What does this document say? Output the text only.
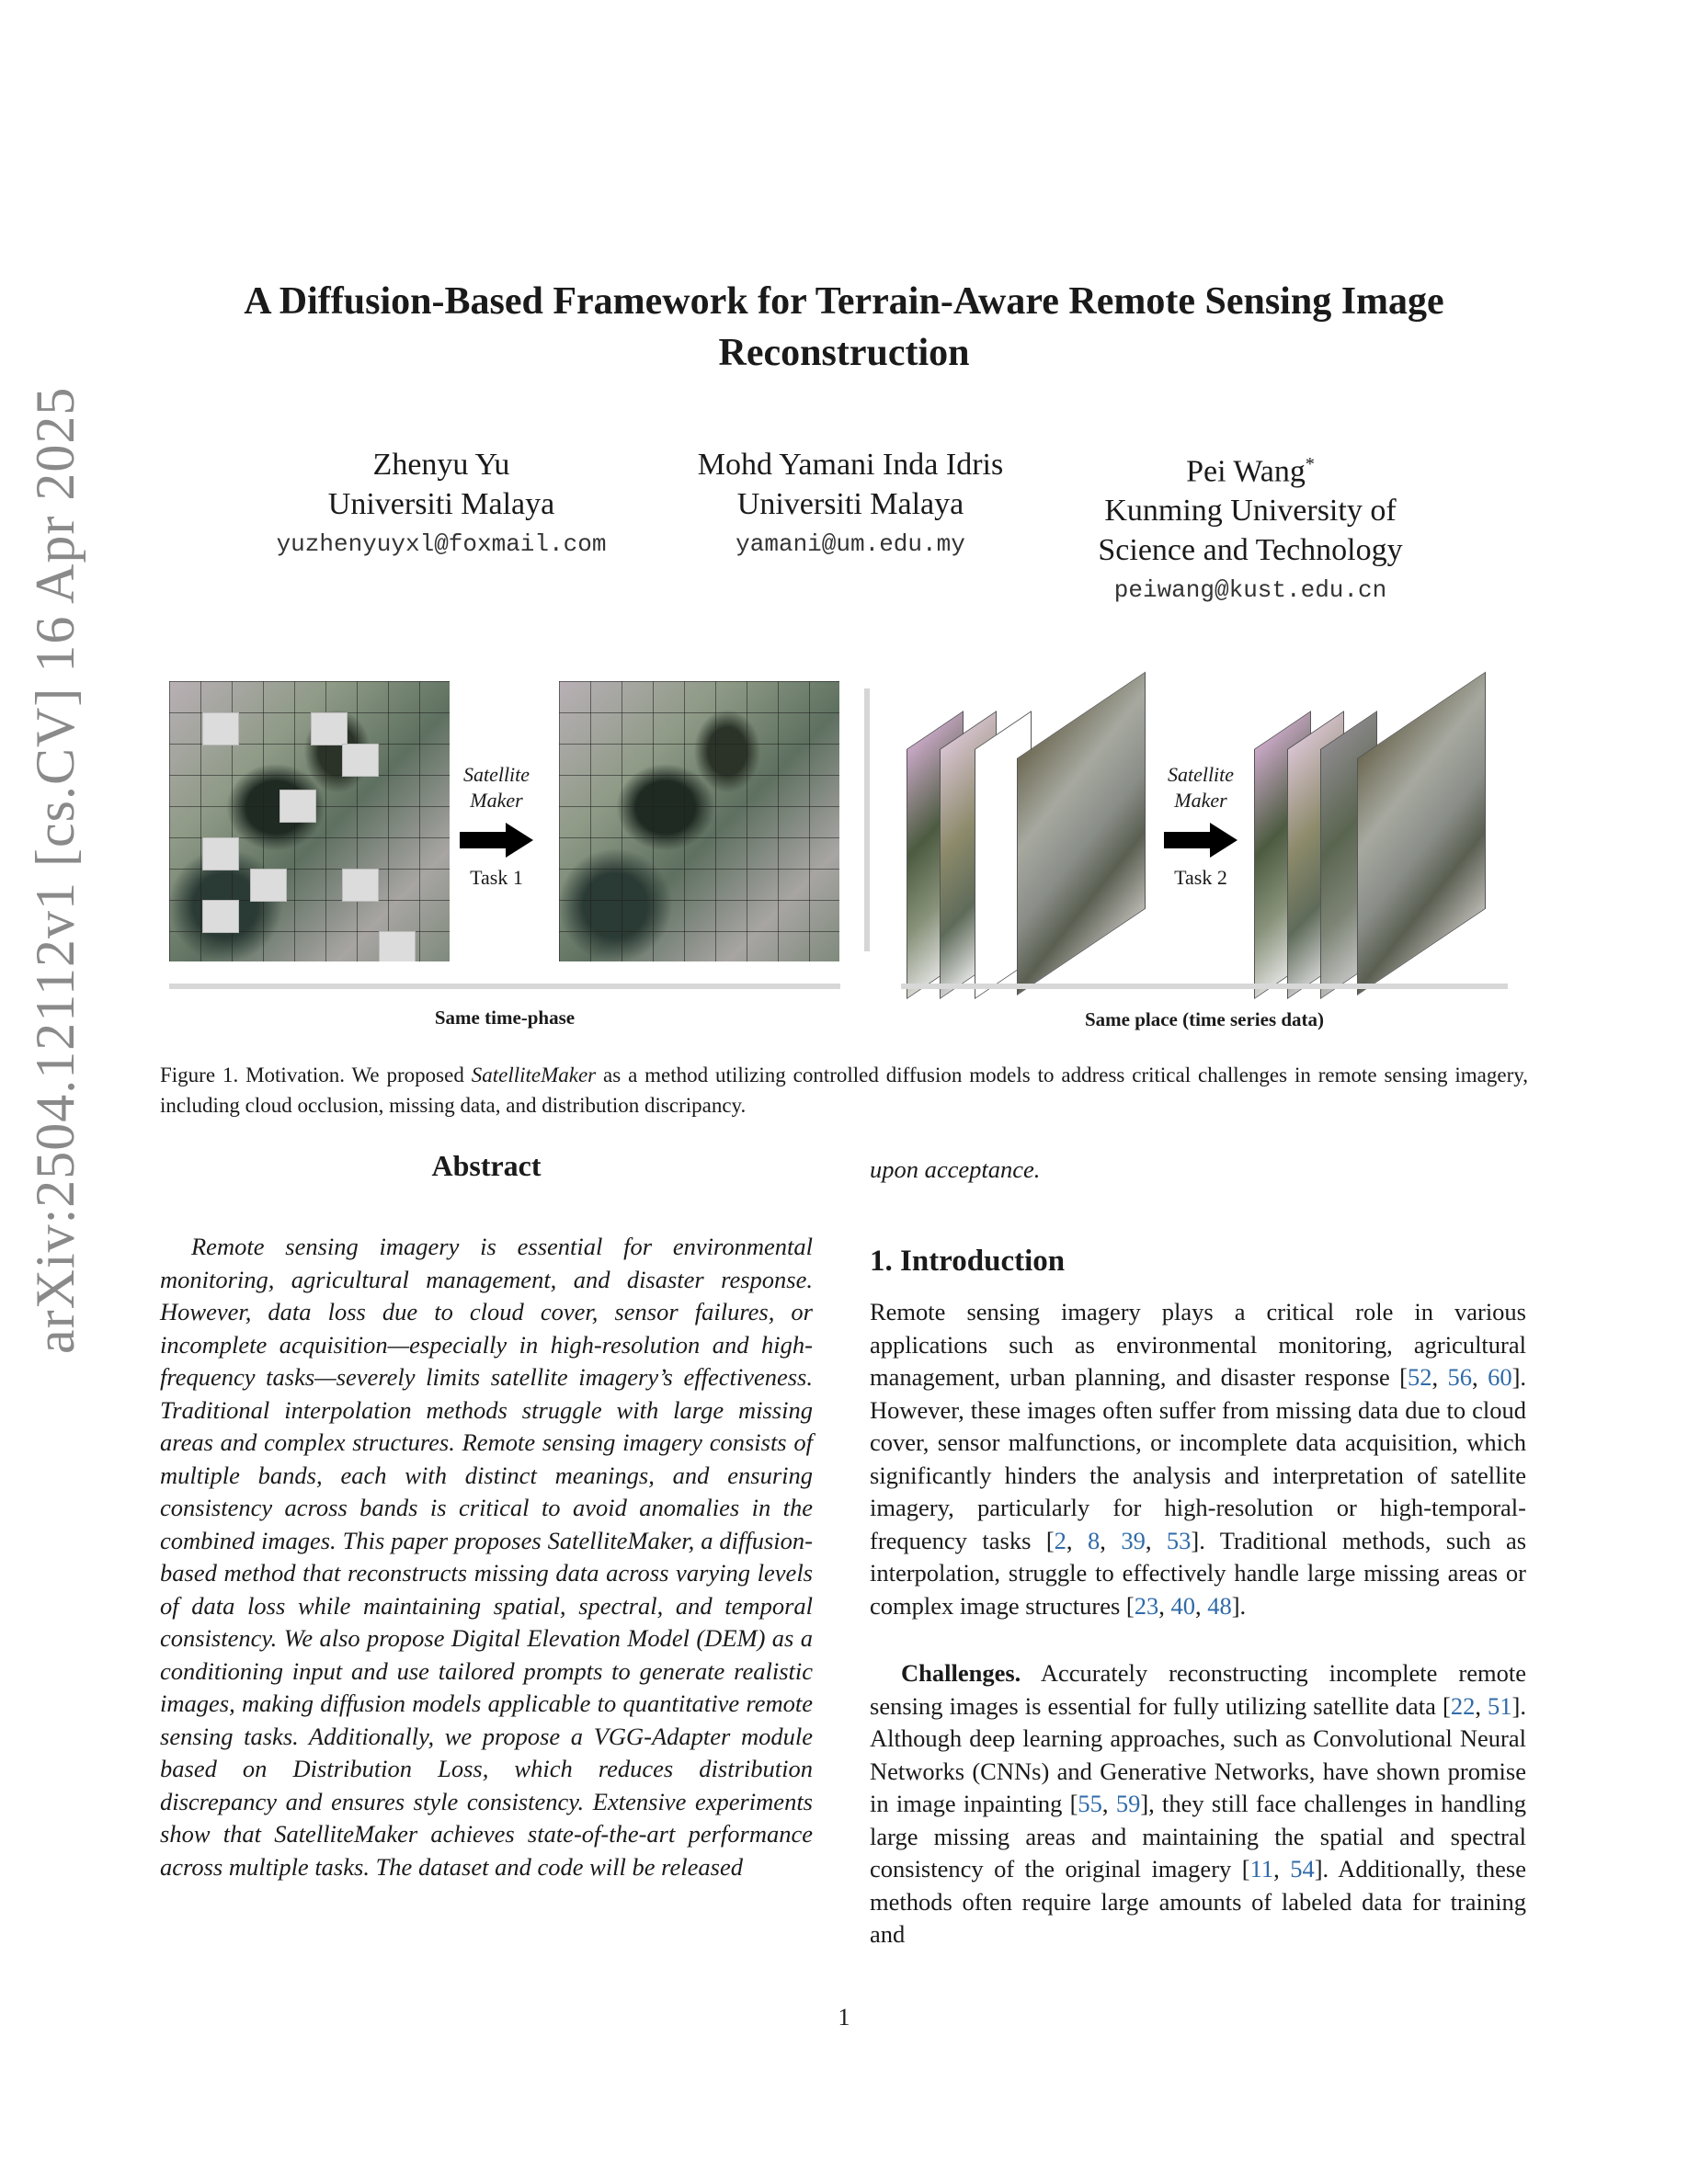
arXiv:2504.12112v1 [cs.CV] 16 Apr 2025
A Diffusion-Based Framework for Terrain-Aware Remote Sensing Image
Reconstruction
Zhenyu Yu
Universiti Malaya
yuzhenyuyxl@foxmail.com
Mohd Yamani Inda Idris
Universiti Malaya
yamani@um.edu.my
Pei Wang*
Kunming University of
Science and Technology
peiwang@kust.edu.cn
Satellite
Maker
Task 1
Satellite
Maker
Task 2
Same time-phase	Same place (time series data)
Figure 1. Motivation. We proposed SatelliteMaker as a method utilizing controlled diffusion models to address critical challenges in remote sensing imagery, including cloud occlusion, missing data, and distribution discripancy.
Abstract
Remote sensing imagery is essential for environmental monitoring, agricultural management, and disaster response. However, data loss due to cloud cover, sensor failures, or incomplete acquisition—especially in high-resolution and high-frequency tasks—severely limits satellite imagery’s effectiveness. Traditional interpolation methods struggle with large missing areas and complex structures. Remote sensing imagery consists of multiple bands, each with distinct meanings, and ensuring consistency across bands is critical to avoid anomalies in the combined images. This paper proposes SatelliteMaker, a diffusion-based method that reconstructs missing data across varying levels of data loss while maintaining spatial, spectral, and temporal consistency. We also propose Digital Elevation Model (DEM) as a conditioning input and use tailored prompts to generate realistic images, making diffusion models applicable to quantitative remote sensing tasks. Additionally, we propose a VGG-Adapter module based on Distribution Loss, which reduces distribution discrepancy and ensures style consistency. Extensive experiments show that SatelliteMaker achieves state-of-the-art performance across multiple tasks. The dataset and code will be released
upon acceptance.
1. Introduction
Remote sensing imagery plays a critical role in various applications such as environmental monitoring, agricultural management, urban planning, and disaster response [52, 56, 60]. However, these images often suffer from missing data due to cloud cover, sensor malfunctions, or incomplete data acquisition, which significantly hinders the analysis and interpretation of satellite imagery, particularly for high-resolution or high-temporal-frequency tasks [2, 8, 39, 53]. Traditional methods, such as interpolation, struggle to effectively handle large missing areas or complex image structures [23, 40, 48].
Challenges. Accurately reconstructing incomplete remote sensing images is essential for fully utilizing satellite data [22, 51]. Although deep learning approaches, such as Convolutional Neural Networks (CNNs) and Generative Networks, have shown promise in image inpainting [55, 59], they still face challenges in handling large missing areas and maintaining the spatial and spectral consistency of the original imagery [11, 54]. Additionally, these methods often require large amounts of labeled data for training and
1
